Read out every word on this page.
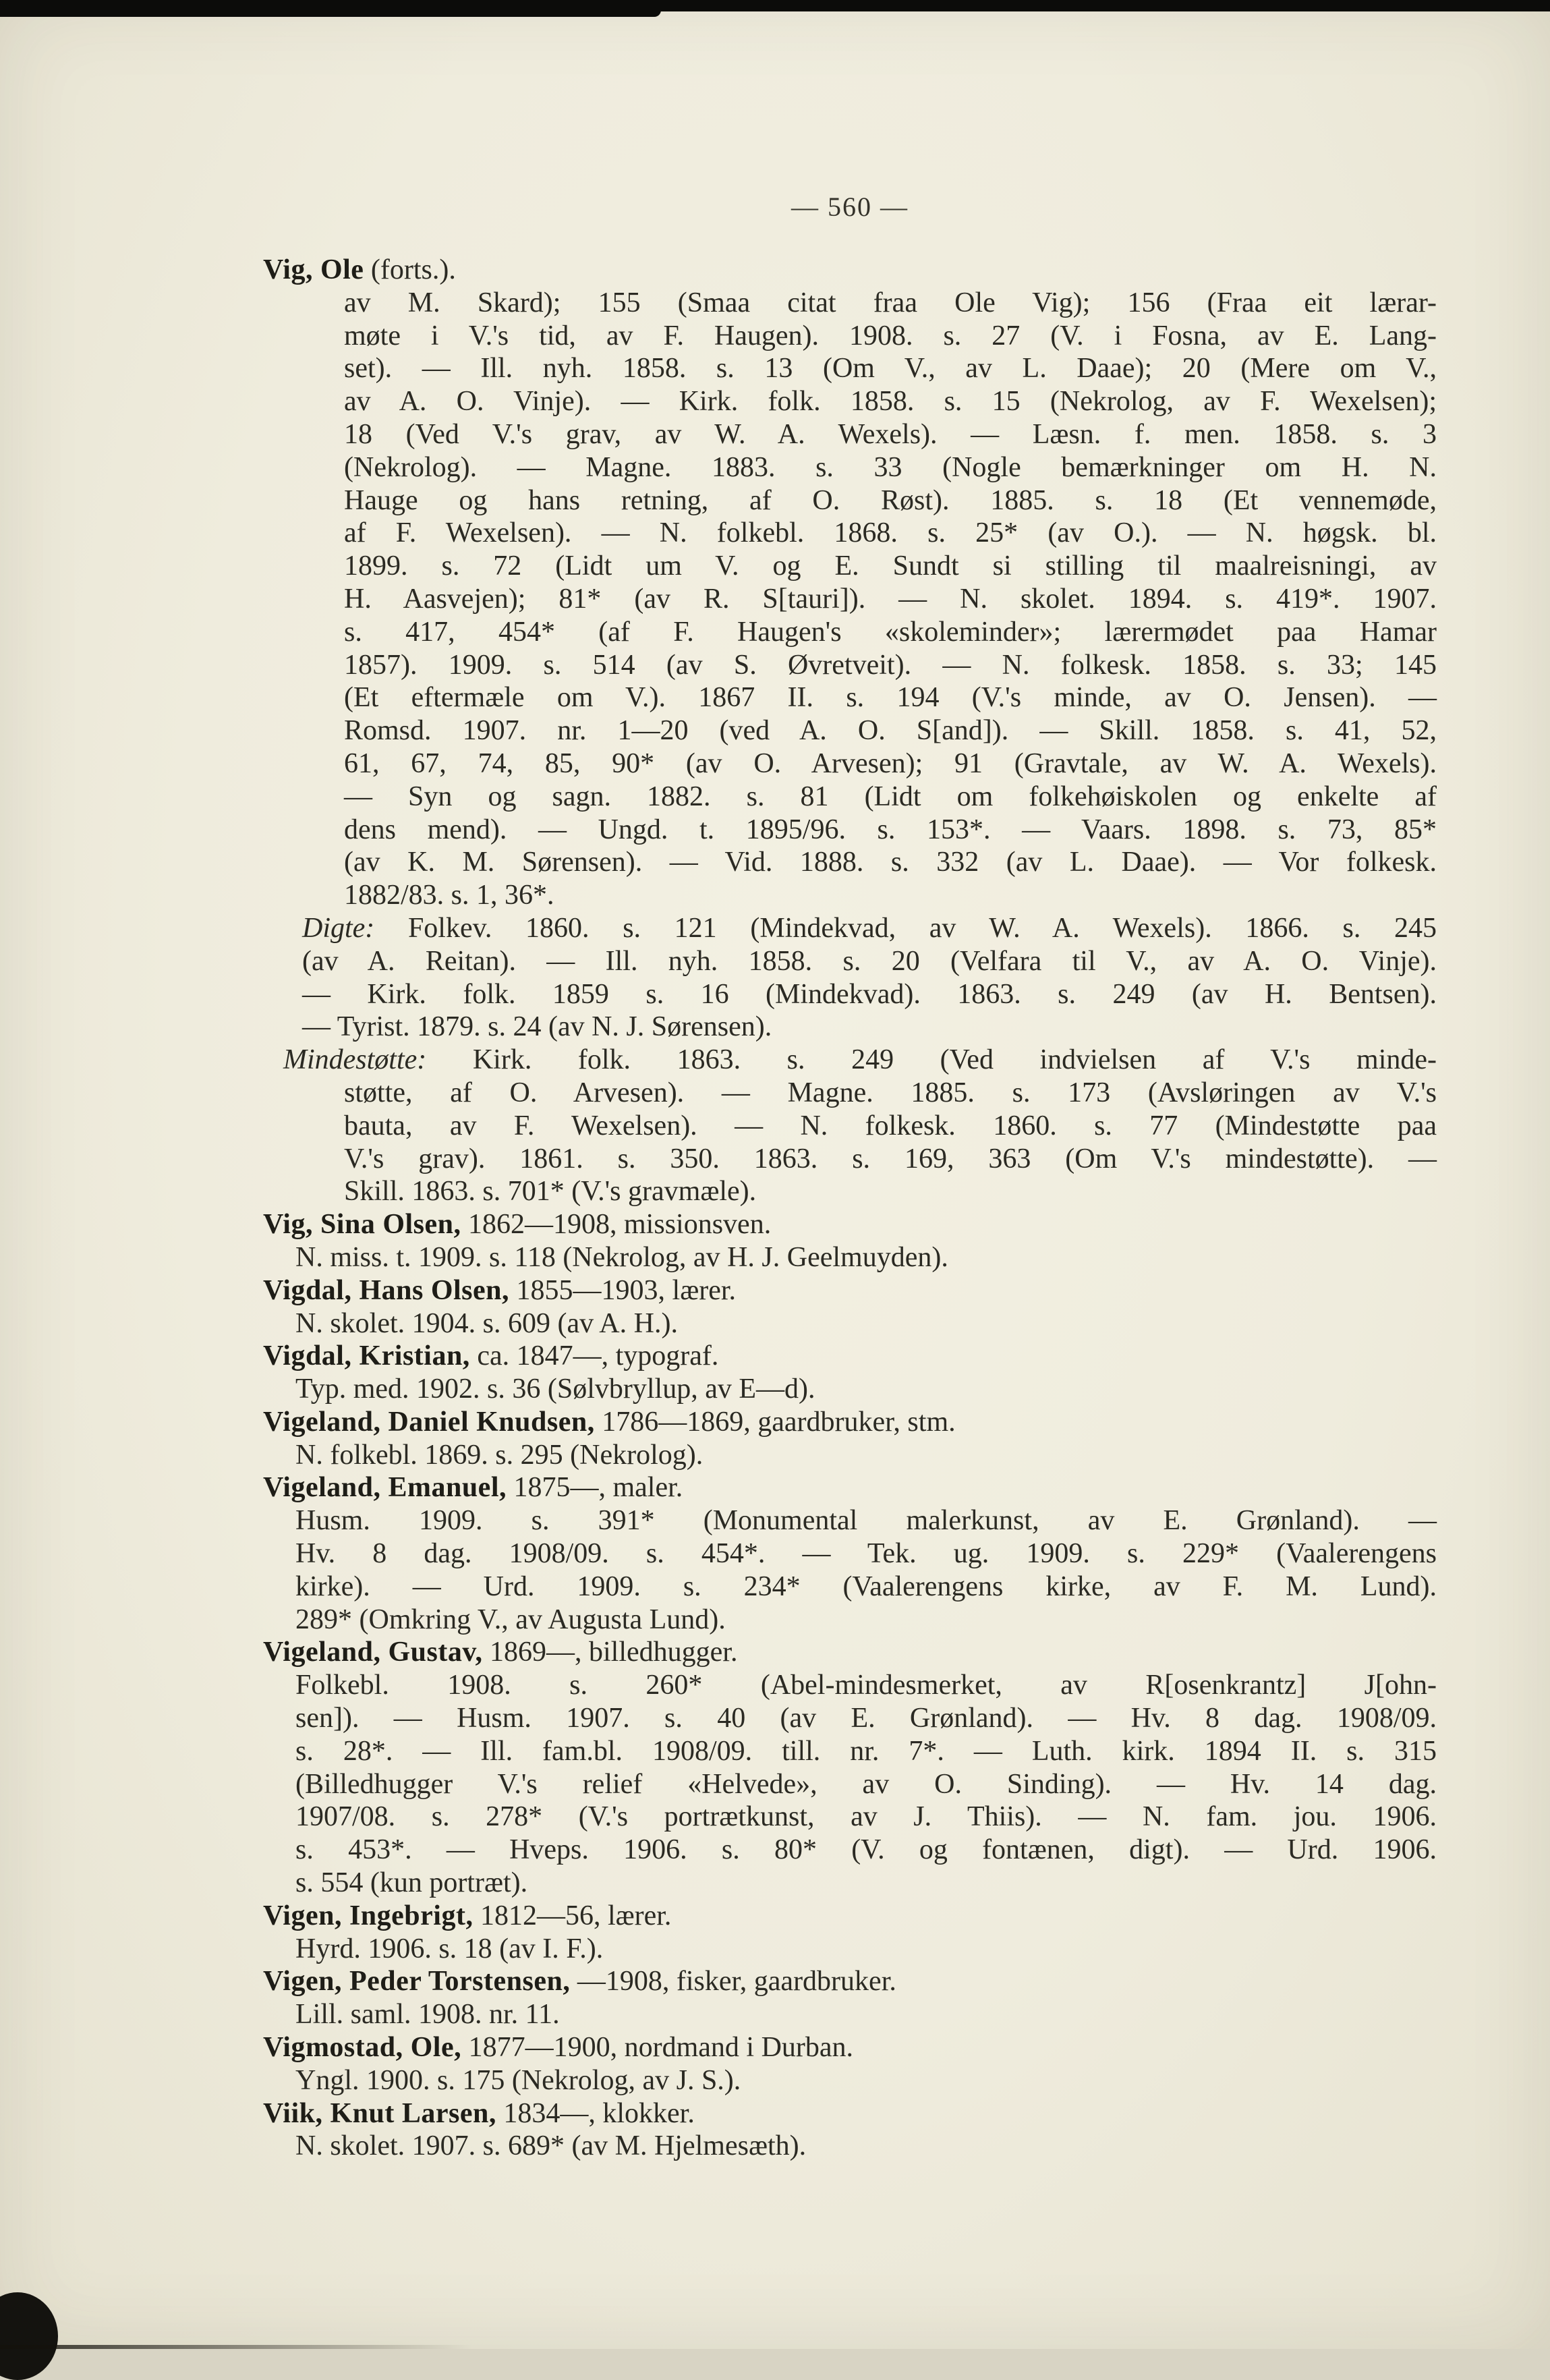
— 560 —
Vig, Ole (forts.).
av M. Skard); 155 (Smaa citat fraa Ole Vig); 156 (Fraa eit lærar-
møte i V.'s tid, av F. Haugen). 1908. s. 27 (V. i Fosna, av E. Lang-
set). — Ill. nyh. 1858. s. 13 (Om V., av L. Daae); 20 (Mere om V.,
av A. O. Vinje). — Kirk. folk. 1858. s. 15 (Nekrolog, av F. Wexelsen);
18 (Ved V.'s grav, av W. A. Wexels). — Læsn. f. men. 1858. s. 3
(Nekrolog). — Magne. 1883. s. 33 (Nogle bemærkninger om H. N.
Hauge og hans retning, af O. Røst). 1885. s. 18 (Et vennemøde,
af F. Wexelsen). — N. folkebl. 1868. s. 25* (av O.). — N. høgsk. bl.
1899. s. 72 (Lidt um V. og E. Sundt si stilling til maalreisningi, av
H. Aasvejen); 81* (av R. S[tauri]). — N. skolet. 1894. s. 419*. 1907.
s. 417, 454* (af F. Haugen's «skoleminder»; lærermødet paa Hamar
1857). 1909. s. 514 (av S. Øvretveit). — N. folkesk. 1858. s. 33; 145
(Et eftermæle om V.). 1867 II. s. 194 (V.'s minde, av O. Jensen). —
Romsd. 1907. nr. 1—20 (ved A. O. S[and]). — Skill. 1858. s. 41, 52,
61, 67, 74, 85, 90* (av O. Arvesen); 91 (Gravtale, av W. A. Wexels).
— Syn og sagn. 1882. s. 81 (Lidt om folkehøiskolen og enkelte af
dens mend). — Ungd. t. 1895/96. s. 153*. — Vaars. 1898. s. 73, 85*
(av K. M. Sørensen). — Vid. 1888. s. 332 (av L. Daae). — Vor folkesk.
1882/83. s. 1, 36*.
Digte: Folkev. 1860. s. 121 (Mindekvad, av W. A. Wexels). 1866. s. 245
(av A. Reitan). — Ill. nyh. 1858. s. 20 (Velfara til V., av A. O. Vinje).
— Kirk. folk. 1859 s. 16 (Mindekvad). 1863. s. 249 (av H. Bentsen).
— Tyrist. 1879. s. 24 (av N. J. Sørensen).
Mindestøtte: Kirk. folk. 1863. s. 249 (Ved indvielsen af V.'s minde-
støtte, af O. Arvesen). — Magne. 1885. s. 173 (Avsløringen av V.'s
bauta, av F. Wexelsen). — N. folkesk. 1860. s. 77 (Mindestøtte paa
V.'s grav). 1861. s. 350. 1863. s. 169, 363 (Om V.'s mindestøtte). —
Skill. 1863. s. 701* (V.'s gravmæle).
Vig, Sina Olsen, 1862—1908, missionsven.
N. miss. t. 1909. s. 118 (Nekrolog, av H. J. Geelmuyden).
Vigdal, Hans Olsen, 1855—1903, lærer.
N. skolet. 1904. s. 609 (av A. H.).
Vigdal, Kristian, ca. 1847—, typograf.
Typ. med. 1902. s. 36 (Sølvbryllup, av E—d).
Vigeland, Daniel Knudsen, 1786—1869, gaardbruker, stm.
N. folkebl. 1869. s. 295 (Nekrolog).
Vigeland, Emanuel, 1875—, maler.
Husm. 1909. s. 391* (Monumental malerkunst, av E. Grønland). —
Hv. 8 dag. 1908/09. s. 454*. — Tek. ug. 1909. s. 229* (Vaalerengens
kirke). — Urd. 1909. s. 234* (Vaalerengens kirke, av F. M. Lund).
289* (Omkring V., av Augusta Lund).
Vigeland, Gustav, 1869—, billedhugger.
Folkebl. 1908. s. 260* (Abel-mindesmerket, av R[osenkrantz] J[ohn-
sen]). — Husm. 1907. s. 40 (av E. Grønland). — Hv. 8 dag. 1908/09.
s. 28*. — Ill. fam.bl. 1908/09. till. nr. 7*. — Luth. kirk. 1894 II. s. 315
(Billedhugger V.'s relief «Helvede», av O. Sinding). — Hv. 14 dag.
1907/08. s. 278* (V.'s portrætkunst, av J. Thiis). — N. fam. jou. 1906.
s. 453*. — Hveps. 1906. s. 80* (V. og fontænen, digt). — Urd. 1906.
s. 554 (kun portræt).
Vigen, Ingebrigt, 1812—56, lærer.
Hyrd. 1906. s. 18 (av I. F.).
Vigen, Peder Torstensen, —1908, fisker, gaardbruker.
Lill. saml. 1908. nr. 11.
Vigmostad, Ole, 1877—1900, nordmand i Durban.
Yngl. 1900. s. 175 (Nekrolog, av J. S.).
Viik, Knut Larsen, 1834—, klokker.
N. skolet. 1907. s. 689* (av M. Hjelmesæth).
